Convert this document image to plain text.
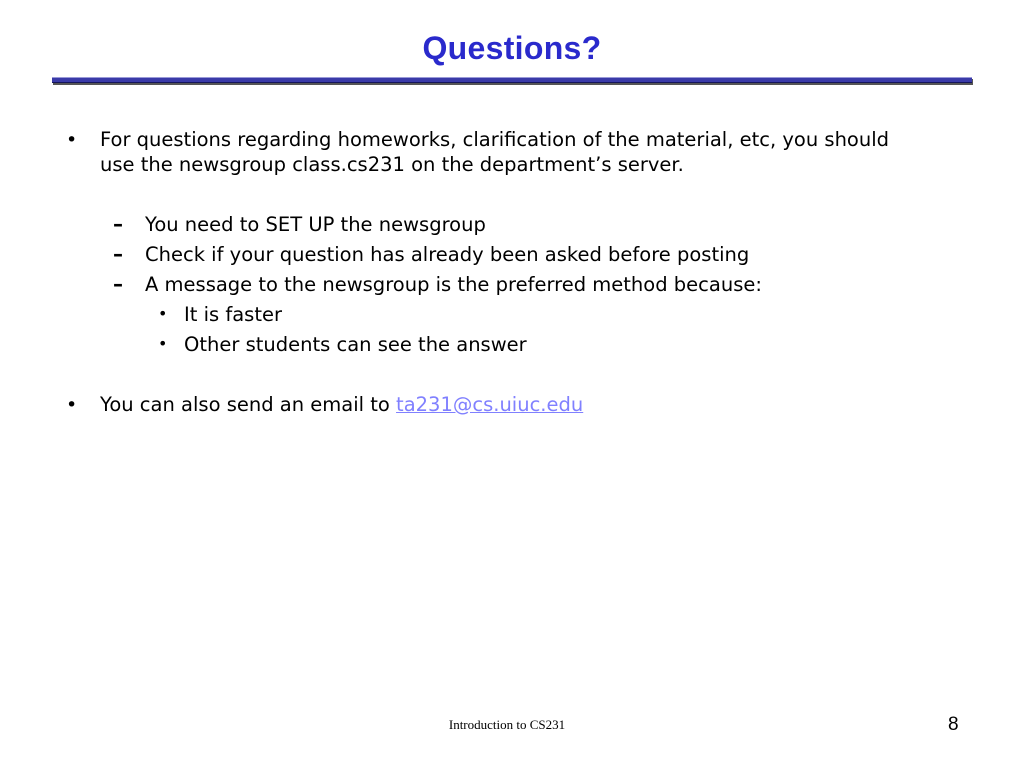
Questions?
• For questions regarding homeworks, clarification of the material, etc, you should
use the newsgroup class.cs231 on the department’s server.
– You need to SET UP the newsgroup
– Check if your question has already been asked before posting
– A message to the newsgroup is the preferred method because:
• It is faster
• Other students can see the answer
• You can also send an email to ta231@cs.uiuc.edu
Introduction to CS231	8
